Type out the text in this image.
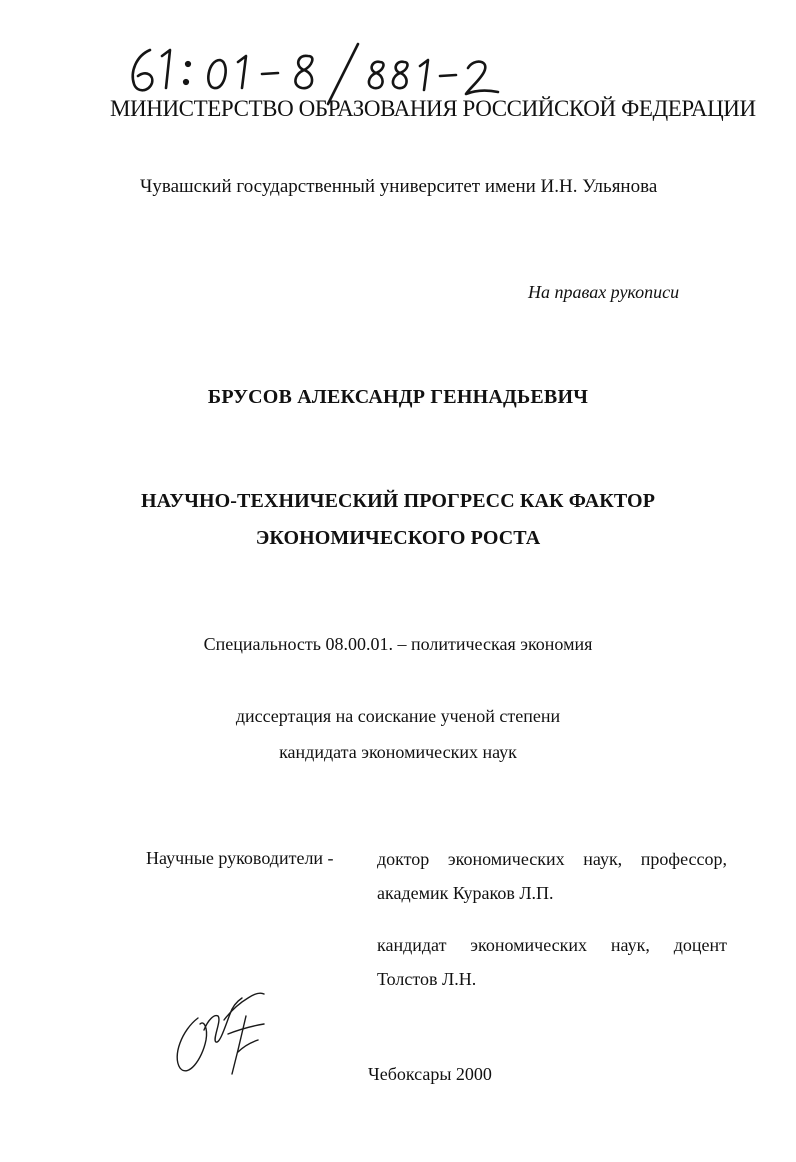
МИНИСТЕРСТВО ОБРАЗОВАНИЯ РОССИЙСКОЙ ФЕДЕРАЦИИ
Чувашский государственный университет имени И.Н. Ульянова
На правах рукописи
БРУСОВ АЛЕКСАНДР ГЕННАДЬЕВИЧ
НАУЧНО-ТЕХНИЧЕСКИЙ ПРОГРЕСС КАК ФАКТОР
ЭКОНОМИЧЕСКОГО РОСТА
Специальность 08.00.01. – политическая экономия
диссертация на соискание ученой степени
кандидата экономических наук
Научные руководители - доктор экономических наук, профессор,
академик Кураков Л.П.
кандидат экономических наук, доцент
Толстов Л.Н.
Чебоксары 2000
